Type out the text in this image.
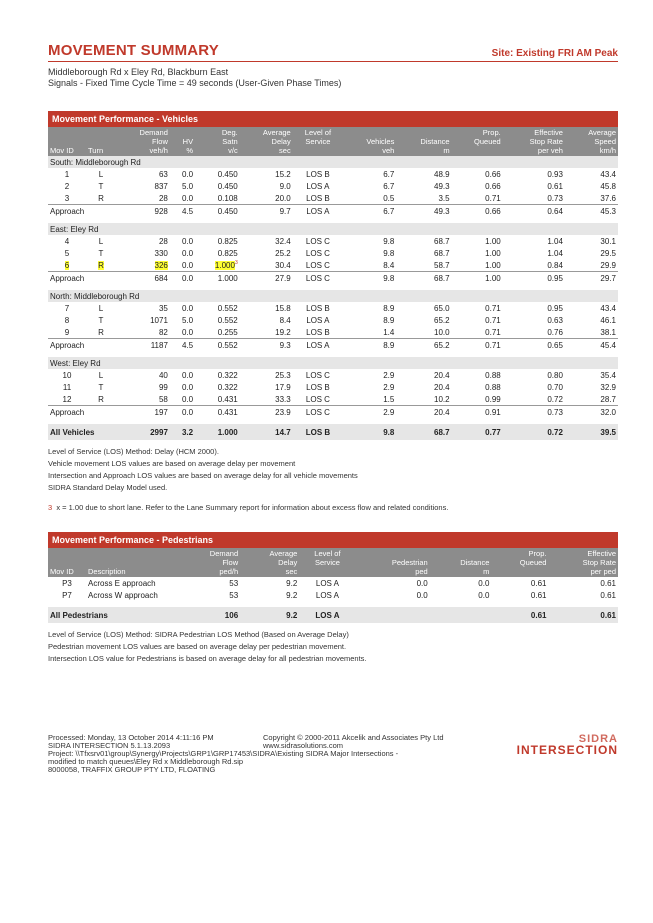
MOVEMENT SUMMARY	Site: Existing FRI AM Peak
Middleborough Rd x Eley Rd, Blackburn East
Signals - Fixed Time Cycle Time = 49 seconds (User-Given Phase Times)
Movement Performance - Vehicles
Mov ID	Turn	Demand
Flow
veh/h	HV
%	Deg.
Satn
v/c	Average
Delay
sec	Level of
Service	Vehicles
veh	Distance
m	Prop.
Queued	Effective
Stop Rate
per veh	Average
Speed
km/h
South: Middleborough Rd											
1	L	63	0.0	0.450	15.2	LOS B	6.7	48.9	0.66	0.93	43.4
2	T	837	5.0	0.450	9.0	LOS A	6.7	49.3	0.66	0.61	45.8
3	R	28	0.0	0.108	20.0	LOS B	0.5	3.5	0.71	0.73	37.6
Approach		928	4.5	0.450	9.7	LOS A	6.7	49.3	0.66	0.64	45.3

East: Eley Rd											
4	L	28	0.0	0.825	32.4	LOS C	9.8	68.7	1.00	1.04	30.1
5	T	330	0.0	0.825	25.2	LOS C	9.8	68.7	1.00	1.04	29.5
6	R	326	0.0	1.000$^3$	30.4	LOS C	8.4	58.7	1.00	0.84	29.9
Approach		684	0.0	1.000	27.9	LOS C	9.8	68.7	1.00	0.95	29.7

North: Middleborough Rd											
7	L	35	0.0	0.552	15.8	LOS B	8.9	65.0	0.71	0.95	43.4
8	T	1071	5.0	0.552	8.4	LOS A	8.9	65.2	0.71	0.63	46.1
9	R	82	0.0	0.255	19.2	LOS B	1.4	10.0	0.71	0.76	38.1
Approach		1187	4.5	0.552	9.3	LOS A	8.9	65.2	0.71	0.65	45.4

West: Eley Rd											
10	L	40	0.0	0.322	25.3	LOS C	2.9	20.4	0.88	0.80	35.4
11	T	99	0.0	0.322	17.9	LOS B	2.9	20.4	0.88	0.70	32.9
12	R	58	0.0	0.431	33.3	LOS C	1.5	10.2	0.99	0.72	28.7
Approach		197	0.0	0.431	23.9	LOS C	2.9	20.4	0.91	0.73	32.0

All Vehicles		2997	3.2	1.000	14.7	LOS B	9.8	68.7	0.77	0.72	39.5
Level of Service (LOS) Method: Delay (HCM 2000).
Vehicle movement LOS values are based on average delay per movement
Intersection and Approach LOS values are based on average delay for all vehicle movements
SIDRA Standard Delay Model used.
3 x = 1.00 due to short lane. Refer to the Lane Summary report for information about excess flow and related conditions.
Movement Performance - Pedestrians
Mov ID	Description	Demand
Flow
ped/h	Average
Delay
sec	Level of
Service	Pedestrian
ped	Distance
m	Prop.
Queued	Effective
Stop Rate
per ped
P3	Across E approach	53	9.2	LOS A	0.0	0.0	0.61	0.61
P7	Across W approach	53	9.2	LOS A	0.0	0.0	0.61	0.61

All Pedestrians		106	9.2	LOS A			0.61	0.61
Level of Service (LOS) Method: SIDRA Pedestrian LOS Method (Based on Average Delay)
Pedestrian movement LOS values are based on average delay per pedestrian movement.
Intersection LOS value for Pedestrians is based on average delay for all pedestrian movements.
Processed: Monday, 13 October 2014 4:11:16 PM	Copyright © 2000-2011 Akcelik and Associates Pty Ltd
SIDRA INTERSECTION 5.1.13.2093	www.sidrasolutions.com
Project: \\Tfxsrv01\group\Synergy\Projects\GRP1\GRP17453\SIDRA\Existing SIDRA Major Intersections -
modified to match queues\Eley Rd x Middleborough Rd.sip
8000058, TRAFFIX GROUP PTY LTD, FLOATING
SIDRA
INTERSECTION
